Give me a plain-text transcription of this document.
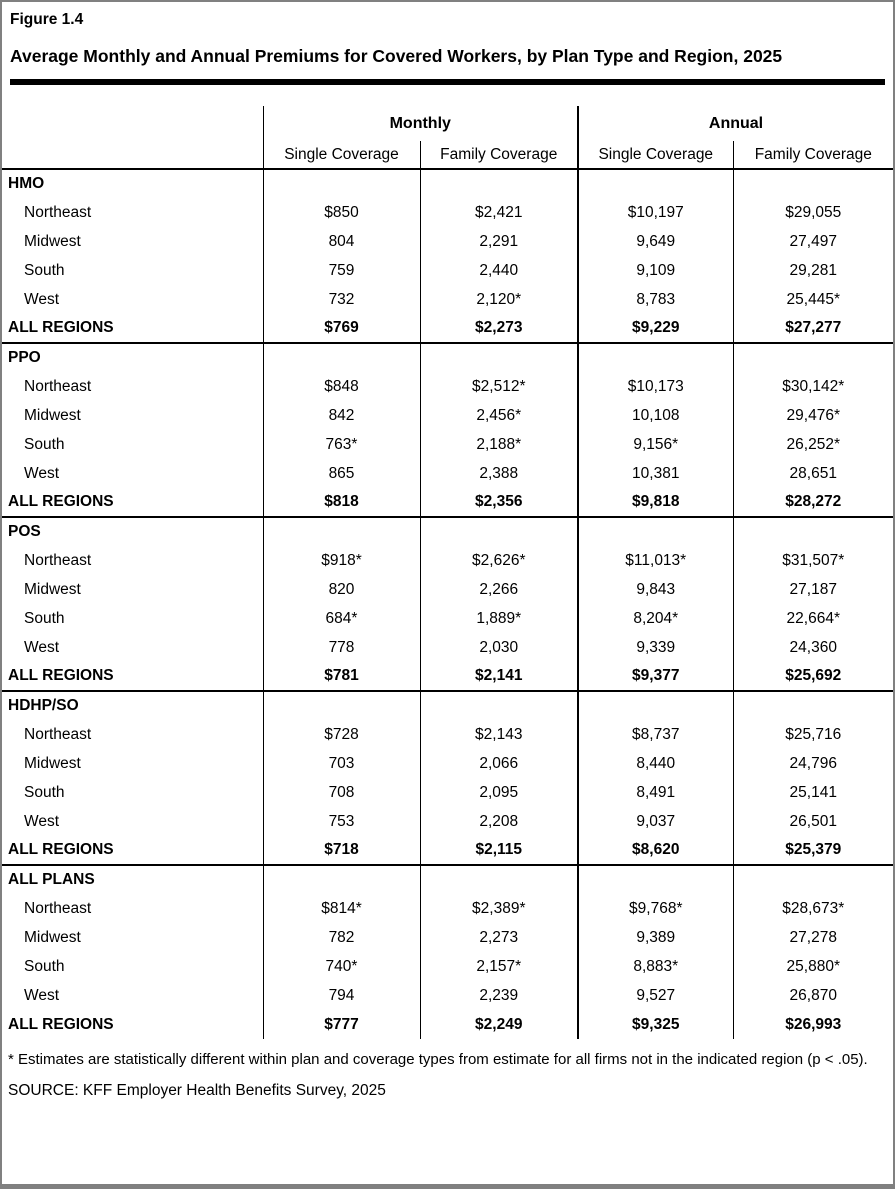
Figure 1.4
Average Monthly and Annual Premiums for Covered Workers, by Plan Type and Region, 2025
	Monthly		Annual	
	Single Coverage	Family Coverage	Single Coverage	Family Coverage
HMO				
Northeast	$850	$2,421	$10,197	$29,055
Midwest	804	2,291	9,649	27,497
South	759	2,440	9,109	29,281
West	732	2,120*	8,783	25,445*
ALL REGIONS	$769	$2,273	$9,229	$27,277
PPO				
Northeast	$848	$2,512*	$10,173	$30,142*
Midwest	842	2,456*	10,108	29,476*
South	763*	2,188*	9,156*	26,252*
West	865	2,388	10,381	28,651
ALL REGIONS	$818	$2,356	$9,818	$28,272
POS				
Northeast	$918*	$2,626*	$11,013*	$31,507*
Midwest	820	2,266	9,843	27,187
South	684*	1,889*	8,204*	22,664*
West	778	2,030	9,339	24,360
ALL REGIONS	$781	$2,141	$9,377	$25,692
HDHP/SO				
Northeast	$728	$2,143	$8,737	$25,716
Midwest	703	2,066	8,440	24,796
South	708	2,095	8,491	25,141
West	753	2,208	9,037	26,501
ALL REGIONS	$718	$2,115	$8,620	$25,379
ALL PLANS				
Northeast	$814*	$2,389*	$9,768*	$28,673*
Midwest	782	2,273	9,389	27,278
South	740*	2,157*	8,883*	25,880*
West	794	2,239	9,527	26,870
ALL REGIONS	$777	$2,249	$9,325	$26,993
* Estimates are statistically different within plan and coverage types from estimate for all firms not in the indicated region (p < .05).
SOURCE: KFF Employer Health Benefits Survey, 2025
